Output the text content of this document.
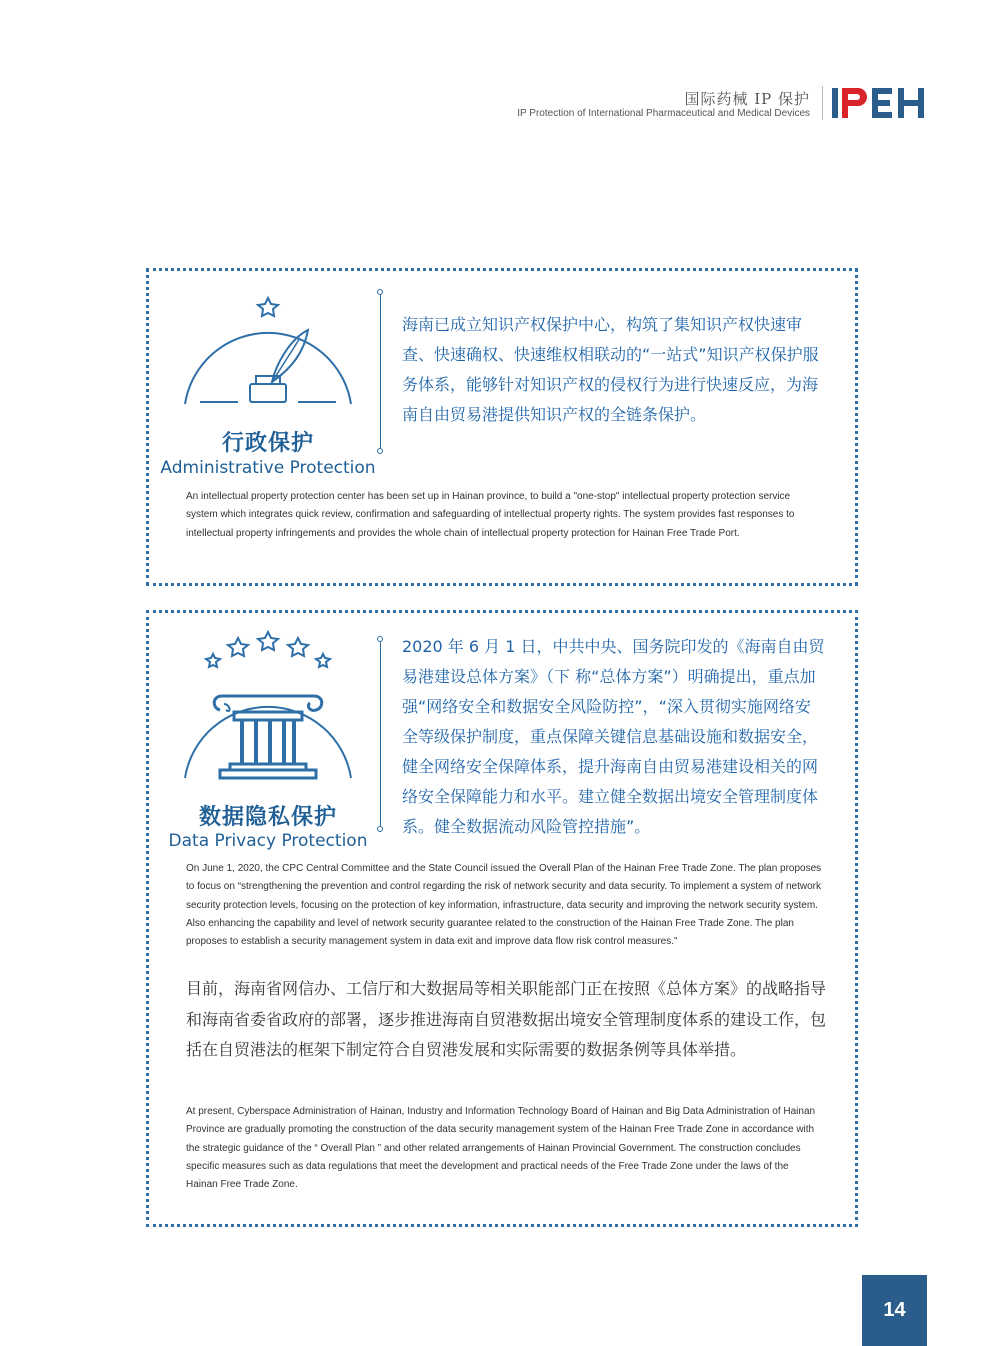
国际药械 IP 保护
IP Protection of International Pharmaceutical and Medical Devices
行政保护
Administrative Protection

海南已成立知识产权保护中心，构筑了集知识产权快速审查、快速确权、快速维权相联动的“一站式”知识产权保护服务体系，能够针对知识产权的侵权行为进行快速反应，为海南自由贸易港提供知识产权的全链条保护。

An intellectual property protection center has been set up in Hainan province, to build a "one-stop" intellectual property protection service system which integrates quick review, confirmation and safeguarding of intellectual property rights. The system provides fast responses to intellectual property infringements and provides the whole chain of intellectual property protection for Hainan Free Trade Port.

数据隐私保护
Data Privacy Protection

2020 年 6 月 1 日，中共中央、国务院印发的《海南自由贸易港建设总体方案》（下 称“总体方案”）明确提出，重点加强“网络安全和数据安全风险防控”，“深入贯彻实施网络安全等级保护制度，重点保障关键信息基础设施和数据安全，健全网络安全保障体系，提升海南自由贸易港建设相关的网络安全保障能力和水平。建立健全数据出境安全管理制度体系。健全数据流动风险管控措施”。

On June 1, 2020, the CPC Central Committee and the State Council issued the Overall Plan of the Hainan Free Trade Zone. The plan proposes to focus on “strengthening the prevention and control regarding the risk of network security and data security. To implement a system of network security protection levels, focusing on the protection of key information, infrastructure, data security and improving the network security system. Also enhancing the capability and level of network security guarantee related to the construction of the Hainan Free Trade Zone. The plan proposes to establish a security management system in data exit and improve data flow risk control measures."

目前，海南省网信办、工信厅和大数据局等相关职能部门正在按照《总体方案》的战略指导和海南省委省政府的部署，逐步推进海南自贸港数据出境安全管理制度体系的建设工作，包括在自贸港法的框架下制定符合自贸港发展和实际需要的数据条例等具体举措。

At present, Cyberspace Administration of Hainan, Industry and Information Technology Board of Hainan and Big Data Administration of Hainan Province are gradually promoting the construction of the data security management system of the Hainan Free Trade Zone in accordance with the strategic guidance of the “ Overall Plan ” and other related arrangements of Hainan Provincial Government. The construction concludes specific measures such as data regulations that meet the development and practical needs of the Free Trade Zone under the laws of the Hainan Free Trade Zone.

14
